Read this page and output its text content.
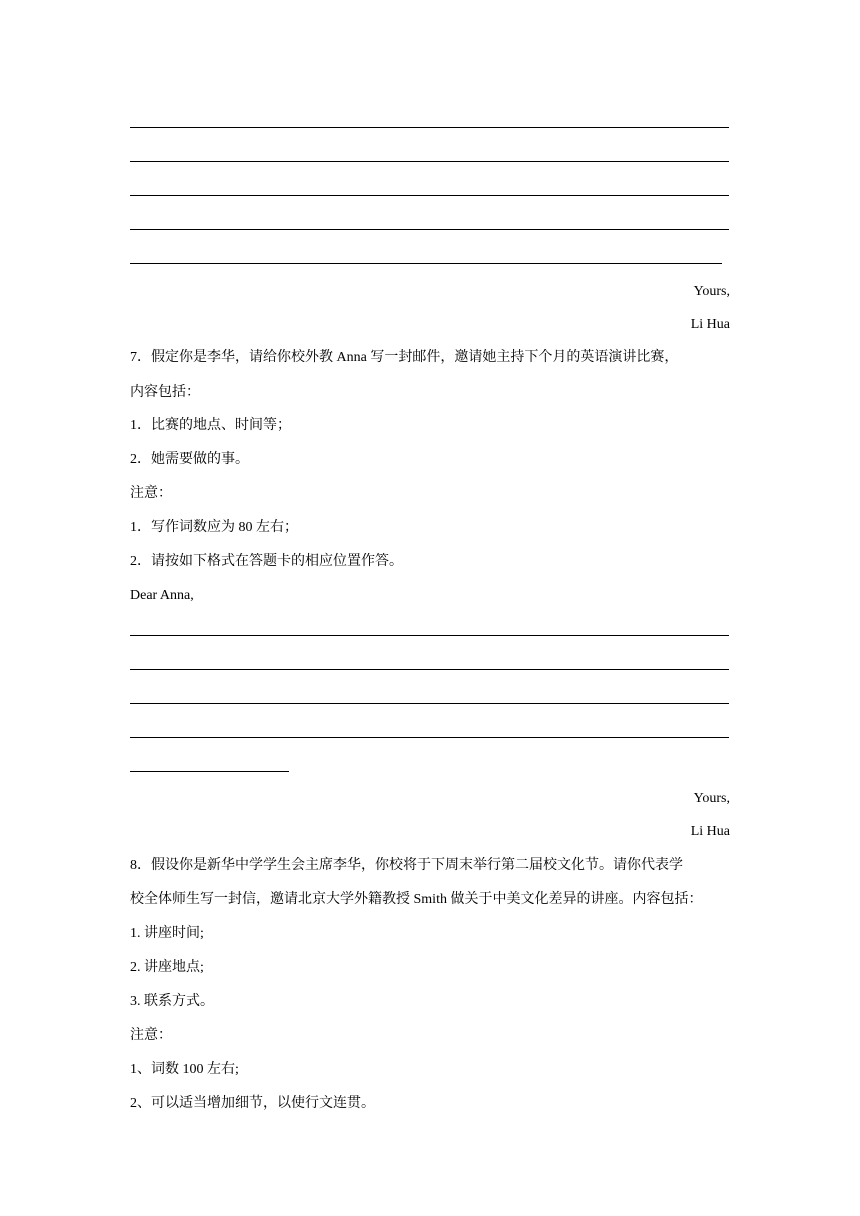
Yours,
Li Hua
7．假定你是李华，请给你校外教 Anna 写一封邮件，邀请她主持下个月的英语演讲比赛，
内容包括：
1．比赛的地点、时间等；
2．她需要做的事。
注意：
1．写作词数应为 80 左右；
2．请按如下格式在答题卡的相应位置作答。
Dear Anna,
Yours,
Li Hua
8．假设你是新华中学学生会主席李华，你校将于下周末举行第二届校文化节。请你代表学
校全体师生写一封信，邀请北京大学外籍教授 Smith 做关于中美文化差异的讲座。内容包括：
1. 讲座时间;
2. 讲座地点;
3. 联系方式。
注意：
1、词数 100 左右;
2、可以适当增加细节，以使行文连贯。
